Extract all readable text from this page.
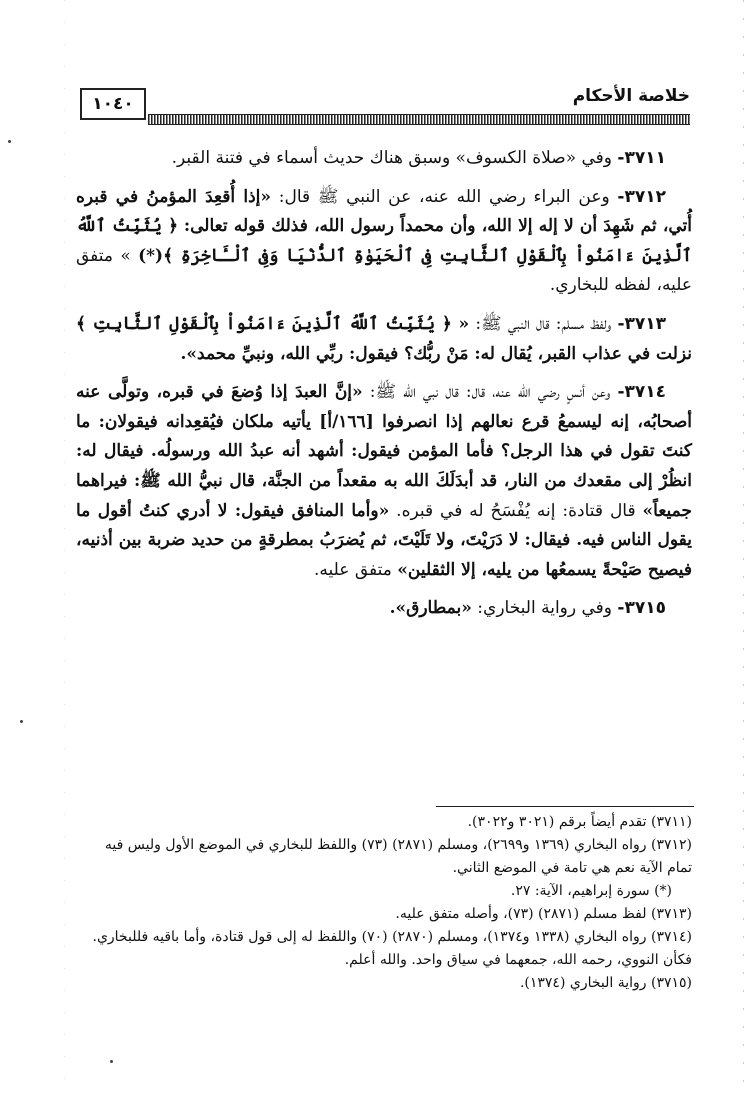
١٠٤٠	خلاصة الأحكام

٣٧١١- وفي «صلاة الكسوف» وسبق هناك حديث أسماء في فتنة القبر.

٣٧١٢- وعن البراء رضي الله عنه، عن النبي ﷺ قال: «إذا أُقعِدَ المؤمنُ في قبره أُتي، ثم شَهِدَ أن لا إله إلا الله، وأن محمداً رسول الله، فذلك قوله تعالى: ﴿ يُثَبِّتُ ٱللَّهُ ٱلَّذِينَ ءَامَنُواْ بِٱلْقَوْلِ ٱلثَّابِتِ فِى ٱلْحَيَوٰةِ ٱلدُّنْيَا وَفِى ٱلْـَٔاخِرَةِ ﴾(*) » متفق عليه، لفظه للبخاري.

٣٧١٣- ولفظ مسلم: قال النبي ﷺ: « ﴿ يُثَبِّتُ ٱللَّهُ ٱلَّذِينَ ءَامَنُواْ بِٱلْقَوْلِ ٱلثَّابِتِ ﴾ نزلت في عذاب القبر، يُقال له: مَنْ ربُّك؟ فيقول: ربِّي الله، ونبيِّ محمد».

٣٧١٤- وعن أنسٍ رضي الله عنه، قال: قال نبي الله ﷺ: «إنَّ العبدَ إذا وُضعَ في قبره، وتولَّى عنه أصحابُه، إنه ليسمعُ قرع نعالهم إذا انصرفوا [١٦٦/أ] يأتيه ملكان فيُقعِدانه فيقولان: ما كنتَ تقول في هذا الرجل؟ فأما المؤمن فيقول: أشهد أنه عبدُ الله ورسولُه. فيقال له: انظُرْ إلى مقعدك من النار، قد أبدَلَكَ الله به مقعداً من الجنَّة، قال نبيُّ الله ﷺ: فيراهما جميعاً» قال قتادة: إنه يُفْسَحُ له في قبره. «وأما المنافق فيقول: لا أدري كنتُ أقول ما يقول الناس فيه. فيقال: لا دَرَيْتَ، ولا تَلَيْتَ، ثم يُضرَبُ بمطرقةٍ من حديد ضربة بين أذنيه، فيصيح صَيْحةً يسمعُها من يليه، إلا الثقلين» متفق عليه.

٣٧١٥- وفي رواية البخاري: «بمطارق».

(٣٧١١) تقدم أيضاً برقم (٣٠٢١ و٣٠٢٢).

(٣٧١٢) رواه البخاري (١٣٦٩ و٢٦٩٩)، ومسلم (٢٨٧١) (٧٣) واللفظ للبخاري في الموضع الأول وليس فيه تمام الآية نعم هي تامة في الموضع الثاني.

(*) سورة إبراهيم، الآية: ٢٧.

(٣٧١٣) لفظ مسلم (٢٨٧١) (٧٣)، وأصله متفق عليه.

(٣٧١٤) رواه البخاري (١٣٣٨ و١٣٧٤)، ومسلم (٢٨٧٠) (٧٠) واللفظ له إلى قول قتادة، وأما باقيه فللبخاري. فكأن النووي، رحمه الله، جمعهما في سياق واحد. والله أعلم.

(٣٧١٥) رواية البخاري (١٣٧٤).
